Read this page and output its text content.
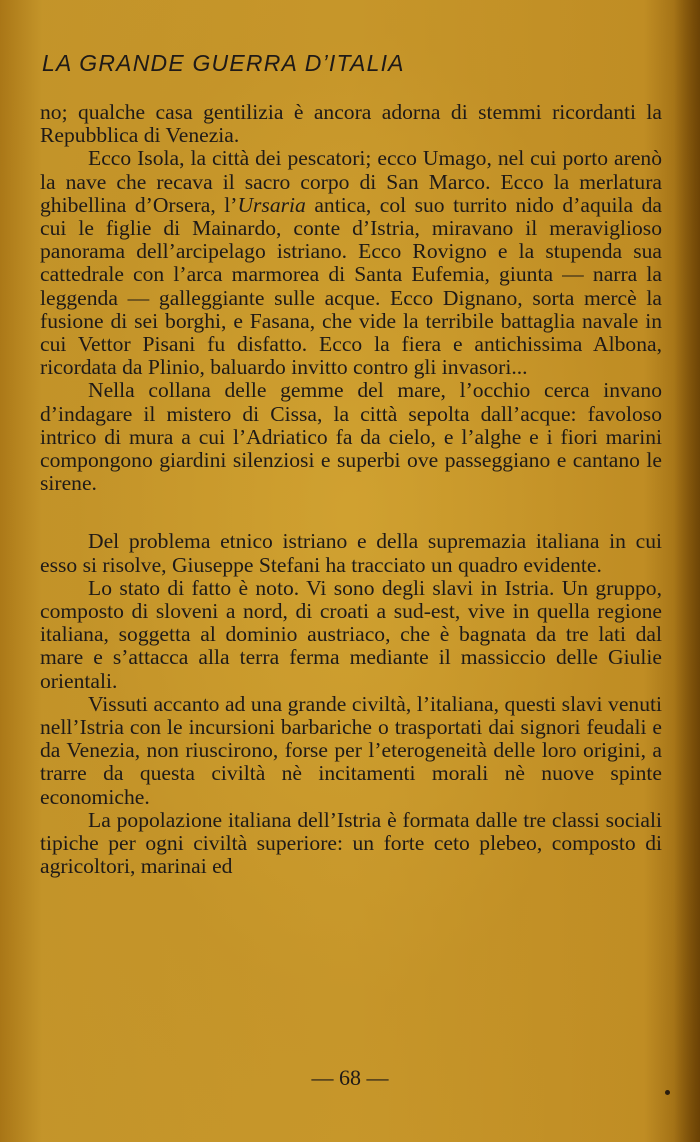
LA GRANDE GUERRA D’ITALIA

no; qualche casa gentilizia è ancora adorna di stemmi ricordanti la Repubblica di Venezia.

Ecco Isola, la città dei pescatori; ecco Umago, nel cui porto arenò la nave che recava il sacro corpo di San Marco. Ecco la merlatura ghibellina d’Orsera, l’Ursaria antica, col suo turrito nido d’aquila da cui le figlie di Mainardo, conte d’Istria, miravano il meraviglioso panorama dell’arcipelago istriano. Ecco Rovigno e la stupenda sua cattedrale con l’arca marmorea di Santa Eufemia, giunta — narra la leggenda — galleggiante sulle acque. Ecco Dignano, sorta mercè la fusione di sei borghi, e Fasana, che vide la terribile battaglia navale in cui Vettor Pisani fu disfatto. Ecco la fiera e antichissima Albona, ricordata da Plinio, baluardo invitto contro gli invasori...

Nella collana delle gemme del mare, l’occhio cerca invano d’indagare il mistero di Cissa, la città sepolta dall’acque: favoloso intrico di mura a cui l’Adriatico fa da cielo, e l’alghe e i fiori marini compongono giardini silenziosi e superbi ove passeggiano e cantano le sirene.

Del problema etnico istriano e della supremazia italiana in cui esso si risolve, Giuseppe Stefani ha tracciato un quadro evidente.

Lo stato di fatto è noto. Vi sono degli slavi in Istria. Un gruppo, composto di sloveni a nord, di croati a sud-est, vive in quella regione italiana, soggetta al dominio austriaco, che è bagnata da tre lati dal mare e s’attacca alla terra ferma mediante il massiccio delle Giulie orientali.

Vissuti accanto ad una grande civiltà, l’italiana, questi slavi venuti nell’Istria con le incursioni barbariche o trasportati dai signori feudali e da Venezia, non riuscirono, forse per l’eterogeneità delle loro origini, a trarre da questa civiltà nè incitamenti morali nè nuove spinte economiche.

La popolazione italiana dell’Istria è formata dalle tre classi sociali tipiche per ogni civiltà superiore: un forte ceto plebeo, composto di agricoltori, marinai ed

— 68 —
